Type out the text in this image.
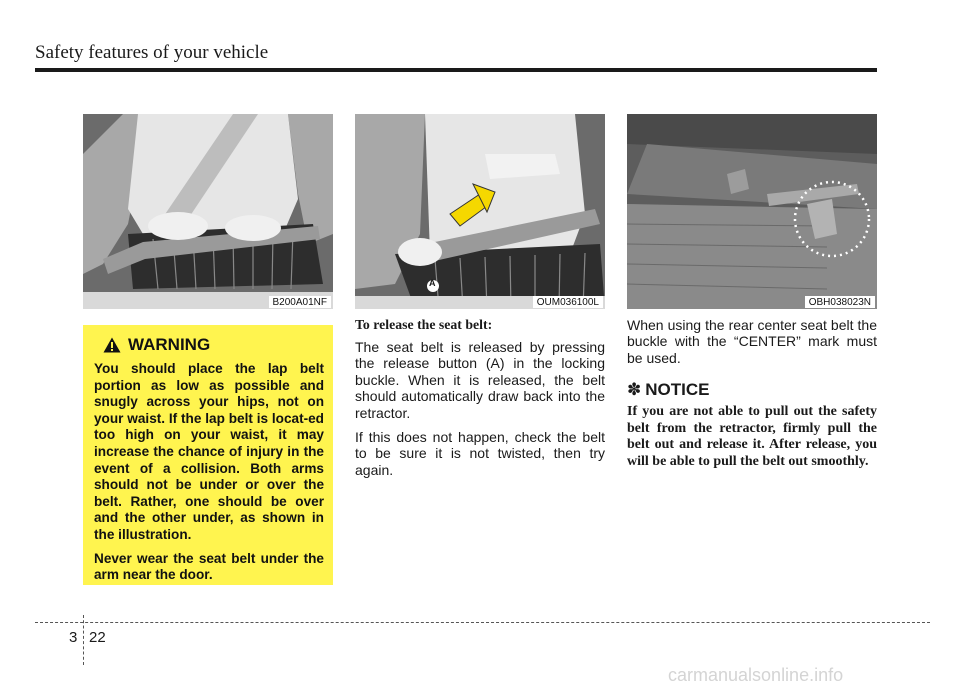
Safety features of your vehicle
B200A01NF
A
OUM036100L	OBH038023N
WARNING

You should place the lap belt portion as low as possible and snugly across your hips, not on your waist. If the lap belt is locat-ed too high on your waist, it may increase the chance of injury in the event of a collision. Both arms should not be under or over the belt. Rather, one should be over and the other under, as shown in the illustration.

Never wear the seat belt under the arm near the door.

To release the seat belt:

The seat belt is released by pressing the release button (A) in the locking buckle. When it is released, the belt should automatically draw back into the retractor.

If this does not happen, check the belt to be sure it is not twisted, then try again.

When using the rear center seat belt the buckle with the “CENTER” mark must be used.

✽ NOTICE

If you are not able to pull out the safety belt from the retractor, firmly pull the belt out and release it. After release, you will be able to pull the belt out smoothly.

3 22
carmanualsonline.info
